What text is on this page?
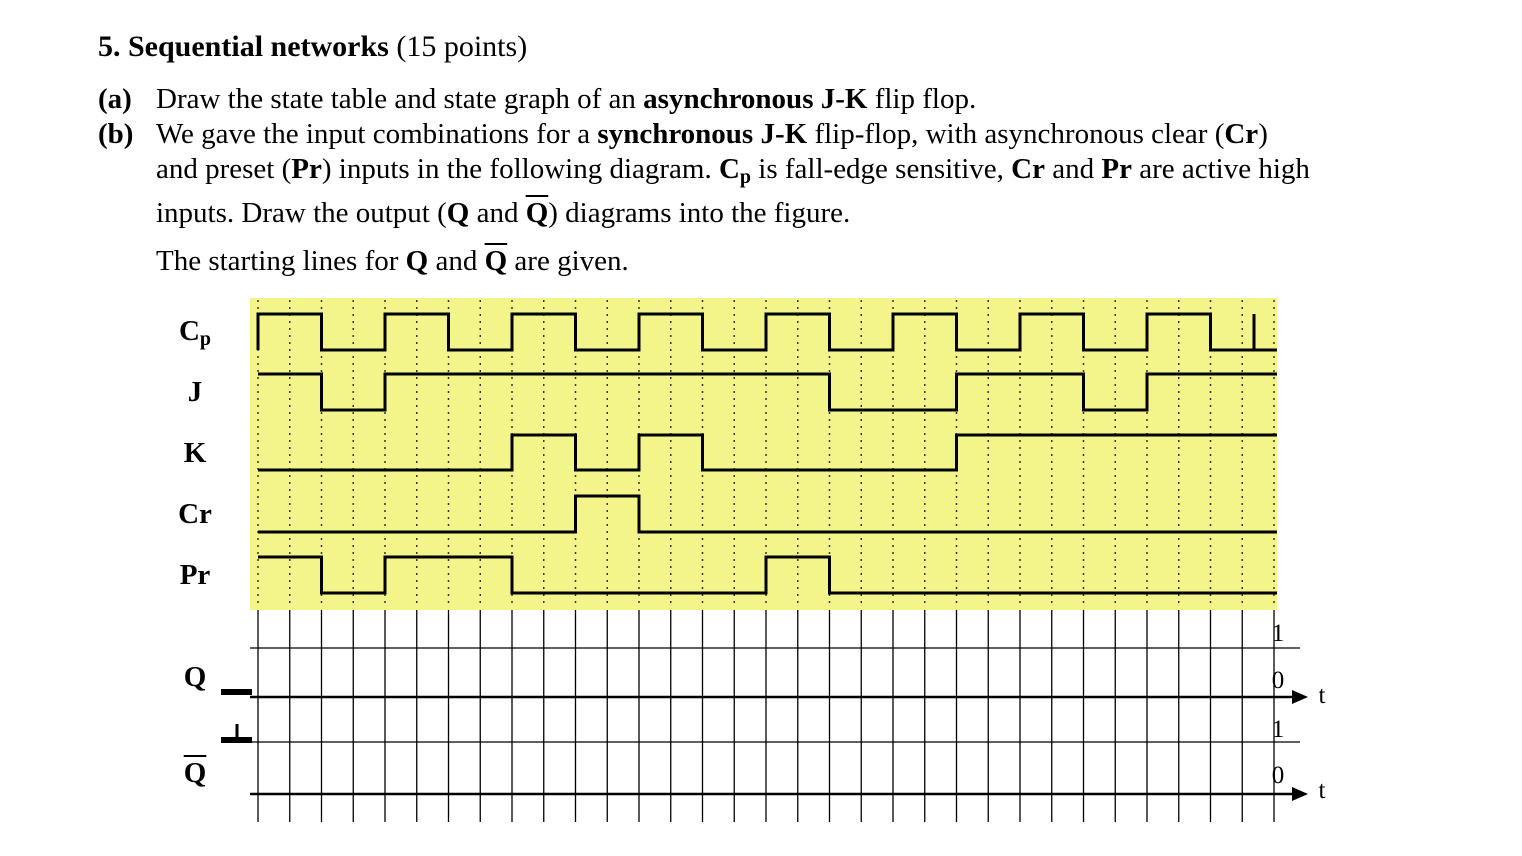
5. Sequential networks (15 points)
(a) Draw the state table and state graph of an asynchronous J-K flip flop.
(b) We gave the input combinations for a synchronous J-K flip-flop, with asynchronous clear (Cr)
and preset (Pr) inputs in the following diagram. $C_p$ is fall-edge sensitive, Cr and Pr are active high
inputs. Draw the output (Q and $\overline{Q}$) diagrams into the figure.
The starting lines for Q and $\overline{Q}$ are given.
$C_p$
J
K
Cr
Pr
Q
$\overline{Q}$
1
0
t
1
0
t
